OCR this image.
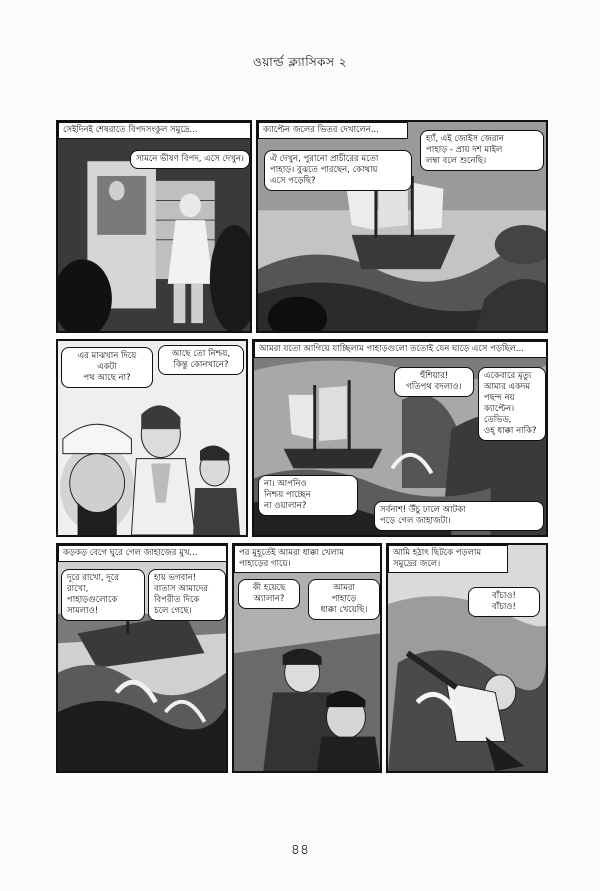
ওয়ার্ল্ড ক্ল্যাসিকস ২
সেইদিনই শেষরাতে বিপদসংকুল সমুদ্রে...
সামনে ভীষণ বিপদ, এসে দেখুন।
ক্যাপ্টেন জলের ভিতর দেখালেন...
ঐ দেখুন, পুরানো প্রাচীরের মতো
পাহাড়। বুঝতে পারছেন, কোথায়
এসে পড়েছি?
হ্যাঁ, এই জোইস জেরান
পাহাড় - প্রায় দশ মাইল
লম্বা বলে শুনেছি।
এর মাঝখান দিয়ে একটা
পথ আছে না?
আছে তো নিশ্চয়,
কিন্তু কোনখানে?
আমরা যতো আগিয়ে যাচ্ছিলাম পাহাড়গুলো ততোই যেন ঘাড়ে এসে পড়ছিল...
হুঁশিয়ার!
গতিপথ বদলাও।
একেবারে মৃত্যু
আমার একদম
পছন্দ নয়
ক্যাপ্টেন। ডেভিড,
ওহ্ ধাক্কা নাকি?
না। আপনিও
নিশ্চয় পাচ্ছেন
না ওয়ালান?	সর্বনাশ! উঁচু ঢালে আটকা
পড়ে গেল জাহাজটা।
কড়কড় বেগে ঘুরে গেল জাহাজের মুখ...
দূরে রাখো, দূরে
রাখো, পাহাড়গুলোকে
সামলাও!
হায় ভগবান!
বাতাস আমাদের
বিপরীত দিকে
চলে গেছে।
পর মুহূর্তেই আমরা ধাক্কা খেলাম
পাহাড়ের গায়ে।
কী হয়েছে
অ্যালান?
আমরা
পাহাড়ে
ধাক্কা খেয়েছি।
আমি হঠাৎ ছিটকে পড়লাম
সমুদ্রের জলে।
বাঁচাও!
বাঁচাও!
৪৪
